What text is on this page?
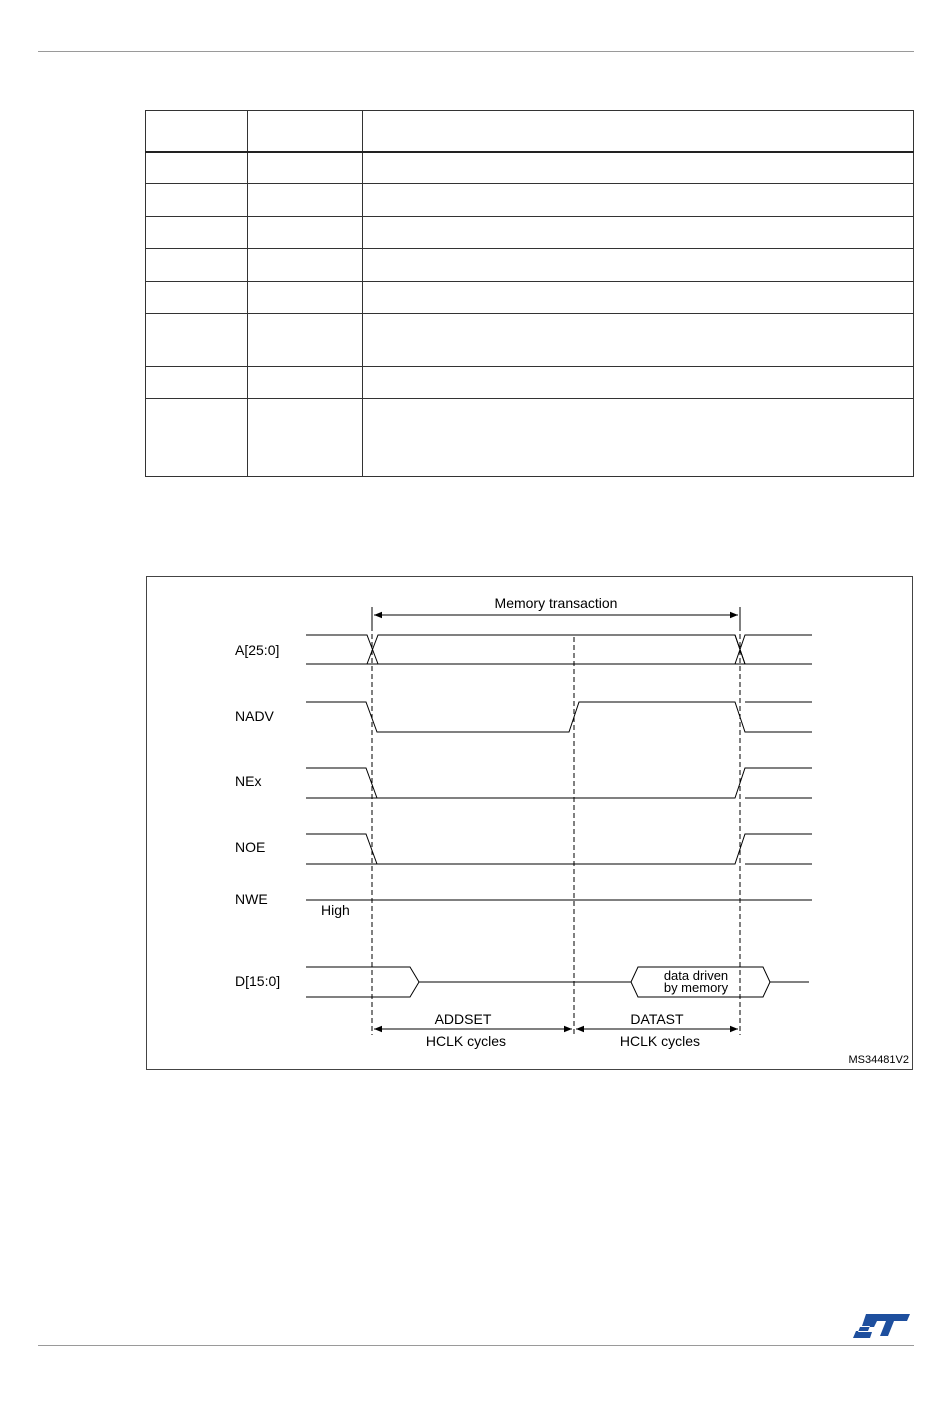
Memory transaction
A[25:0]
NADV
NEx
NOE
NWE
D[15:0]
High
data driven
by memory
ADDSET
HCLK cycles
DATAST
HCLK cycles
MS34481V2
